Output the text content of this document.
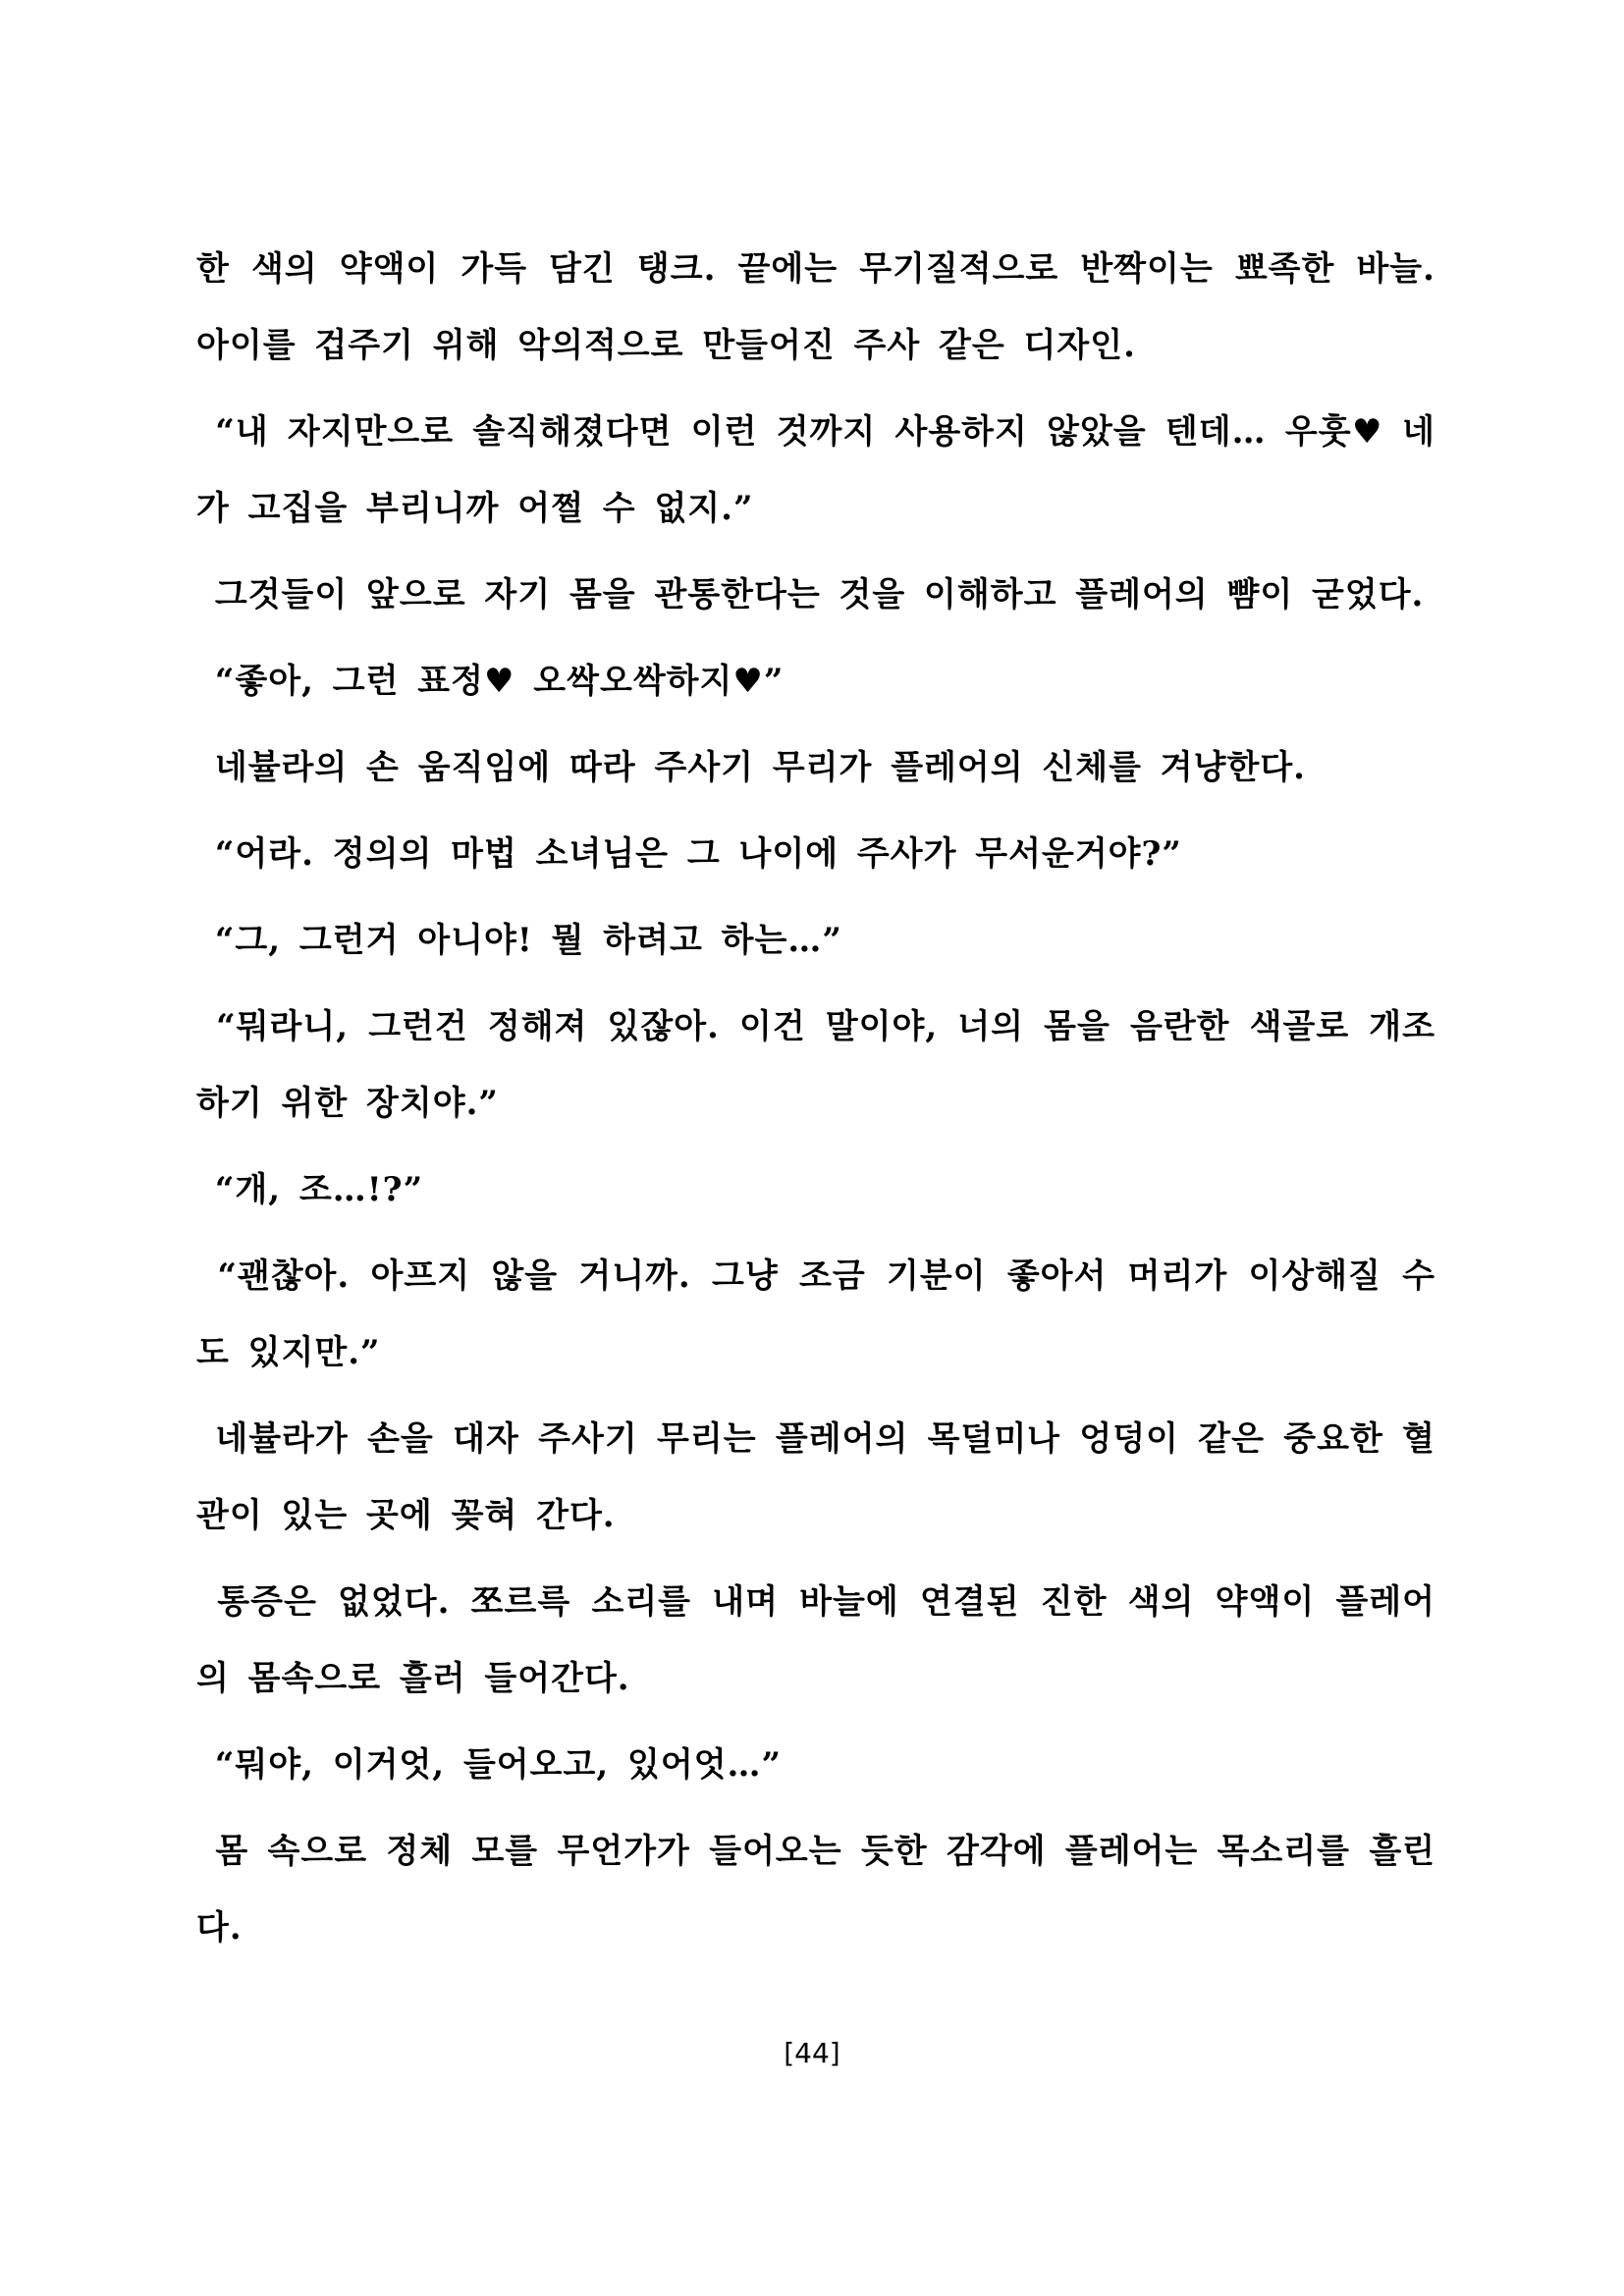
한 색의 약액이 가득 담긴 탱크. 끝에는 무기질적으로 반짝이는 뾰족한 바늘. 아이를 겁주기 위해 악의적으로 만들어진 주사 같은 디자인.

“내 자지만으로 솔직해졌다면 이런 것까지 사용하지 않았을 텐데… 우훗♥ 네가 고집을 부리니까 어쩔 수 없지.”

그것들이 앞으로 자기 몸을 관통한다는 것을 이해하고 플레어의 뺨이 굳었다.

“좋아, 그런 표정♥ 오싹오싹하지♥”

네뷸라의 손 움직임에 따라 주사기 무리가 플레어의 신체를 겨냥한다.

“어라. 정의의 마법 소녀님은 그 나이에 주사가 무서운거야?”

“그, 그런거 아니야! 뭘 하려고 하는…”

“뭐라니, 그런건 정해져 있잖아. 이건 말이야, 너의 몸을 음란한 색골로 개조하기 위한 장치야.”

“개, 조…!?”

“괜찮아. 아프지 않을 거니까. 그냥 조금 기분이 좋아서 머리가 이상해질 수도 있지만.”

네뷸라가 손을 대자 주사기 무리는 플레어의 목덜미나 엉덩이 같은 중요한 혈관이 있는 곳에 꽂혀 간다.

통증은 없었다. 쪼르륵 소리를 내며 바늘에 연결된 진한 색의 약액이 플레어의 몸속으로 흘러 들어간다.

“뭐야, 이거엇, 들어오고, 있어엇…”

몸 속으로 정체 모를 무언가가 들어오는 듯한 감각에 플레어는 목소리를 흘린다.

[44]
